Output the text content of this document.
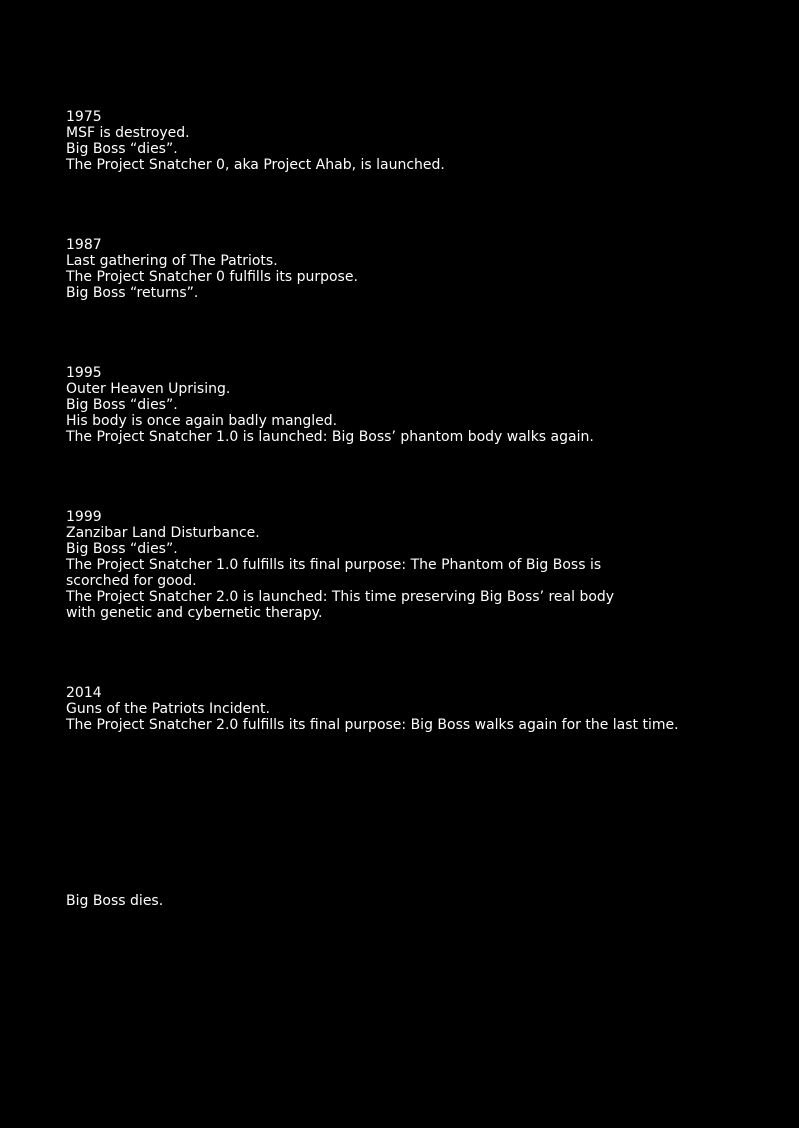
1975
MSF is destroyed.
Big Boss “dies”.
The Project Snatcher 0, aka Project Ahab, is launched.
1987
Last gathering of The Patriots.
The Project Snatcher 0 fulfills its purpose.
Big Boss “returns”.
1995
Outer Heaven Uprising.
Big Boss “dies”.
His body is once again badly mangled.
The Project Snatcher 1.0 is launched: Big Boss’ phantom body walks again.
1999
Zanzibar Land Disturbance.
Big Boss “dies”.
The Project Snatcher 1.0 fulfills its final purpose: The Phantom of Big Boss is scorched for good.
The Project Snatcher 2.0 is launched: This time preserving Big Boss’ real body with genetic and cybernetic therapy.
2014
Guns of the Patriots Incident.
The Project Snatcher 2.0 fulfills its final purpose: Big Boss walks again for the last time.
Big Boss dies.
